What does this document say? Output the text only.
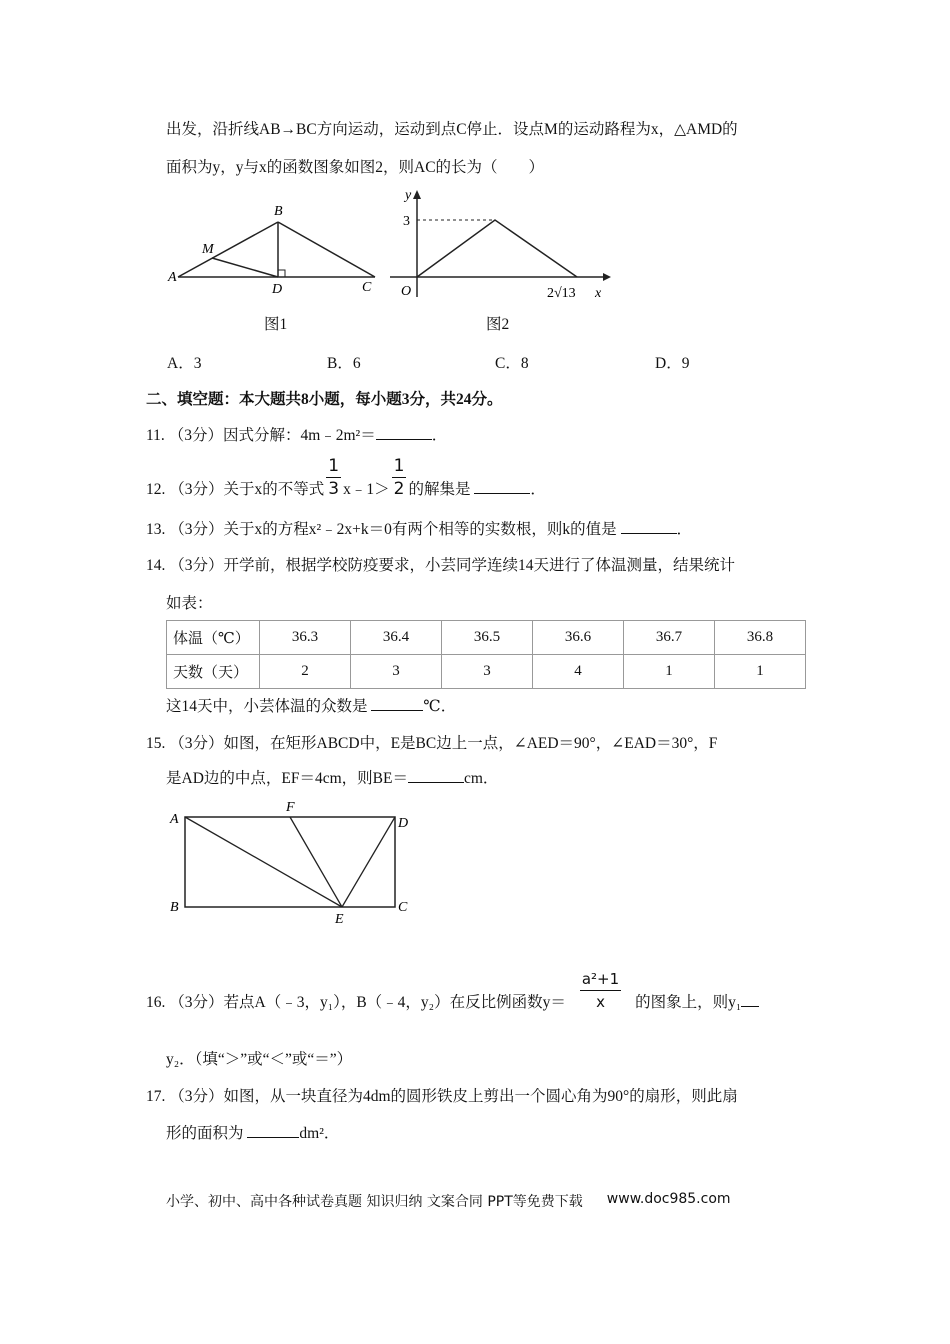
出发，沿折线AB→BC方向运动，运动到点C停止．设点M的运动路程为x，△AMD的
面积为y，y与x的函数图象如图2，则AC的长为（　　）
A
B
C
D
M
图1
y
x
O
3
2√13
图2
A．3	B．6	C．8	D．9
二、填空题：本大题共8小题，每小题3分，共24分。
11. （3分）因式分解：4m﹣2m²＝	．
12. （3分）关于x的不等式 $\frac{1}{3}$ x﹣1＞ $\frac{1}{2}$ 的解集是	．
13. （3分）关于x的方程x²﹣2x+k＝0有两个相等的实数根，则k的值是	．
14. （3分）开学前，根据学校防疫要求，小芸同学连续14天进行了体温测量，结果统计
如表：
体温（℃）	36.3	36.4	36.5	36.6	36.7	36.8
天数（天）	2	3	3	4	1	1
这14天中，小芸体温的众数是	℃．
15. （3分）如图，在矩形ABCD中，E是BC边上一点，∠AED＝90°，∠EAD＝30°，F
是AD边的中点，EF＝4cm，则BE＝	cm．
A
F
D
B
E
C
16. （3分）若点A（﹣3，y₁），B（﹣4，y₂）在反比例函数$y= \frac{\text{a²+1}}{x}$ 的图象上，则y₁
y₂．（填“＞”或“＜”或“＝”）
17. （3分）如图，从一块直径为4dm的圆形铁皮上剪出一个圆心角为90°的扇形，则此扇
形的面积为	dm²．
小学、初中、高中各种试卷真题 知识归纳 文案合同 PPT等免费下载 www.doc985.com
